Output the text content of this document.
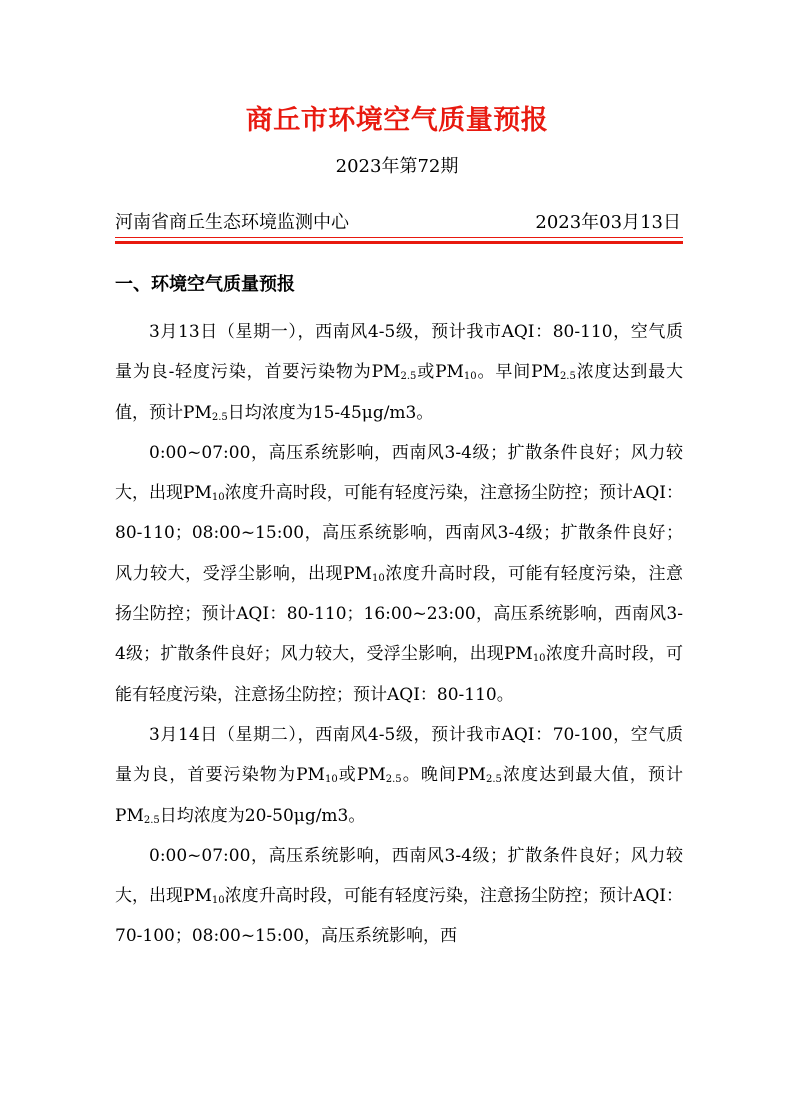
商丘市环境空气质量预报
2023年第72期
河南省商丘生态环境监测中心	2023年03月13日
一、环境空气质量预报

3月13日（星期一），西南风4-5级，预计我市AQI：80-110，空气质量为良-轻度污染，首要污染物为$PM_{2.5}$或$PM_{10}$。早间$PM_{2.5}$浓度达到最大值，预计$PM_{2.5}$日均浓度为15-45μg/m3。

0:00~07:00，高压系统影响，西南风3-4级；扩散条件良好；风力较大，出现$PM_{10}$浓度升高时段，可能有轻度污染，注意扬尘防控；预计AQI：80-110；08:00~15:00，高压系统影响，西南风3-4级；扩散条件良好；风力较大，受浮尘影响，出现$PM_{10}$浓度升高时段，可能有轻度污染，注意扬尘防控；预计AQI：80-110；16:00~23:00，高压系统影响，西南风3-4级；扩散条件良好；风力较大，受浮尘影响，出现$PM_{10}$浓度升高时段，可能有轻度污染，注意扬尘防控；预计AQI：80-110。

3月14日（星期二），西南风4-5级，预计我市AQI：70-100，空气质量为良，首要污染物为$PM_{10}$或$PM_{2.5}$。晚间$PM_{2.5}$浓度达到最大值，预计$PM_{2.5}$日均浓度为20-50μg/m3。

0:00~07:00，高压系统影响，西南风3-4级；扩散条件良好；风力较大，出现$PM_{10}$浓度升高时段，可能有轻度污染，注意扬尘防控；预计AQI：70-100；08:00~15:00，高压系统影响，西
